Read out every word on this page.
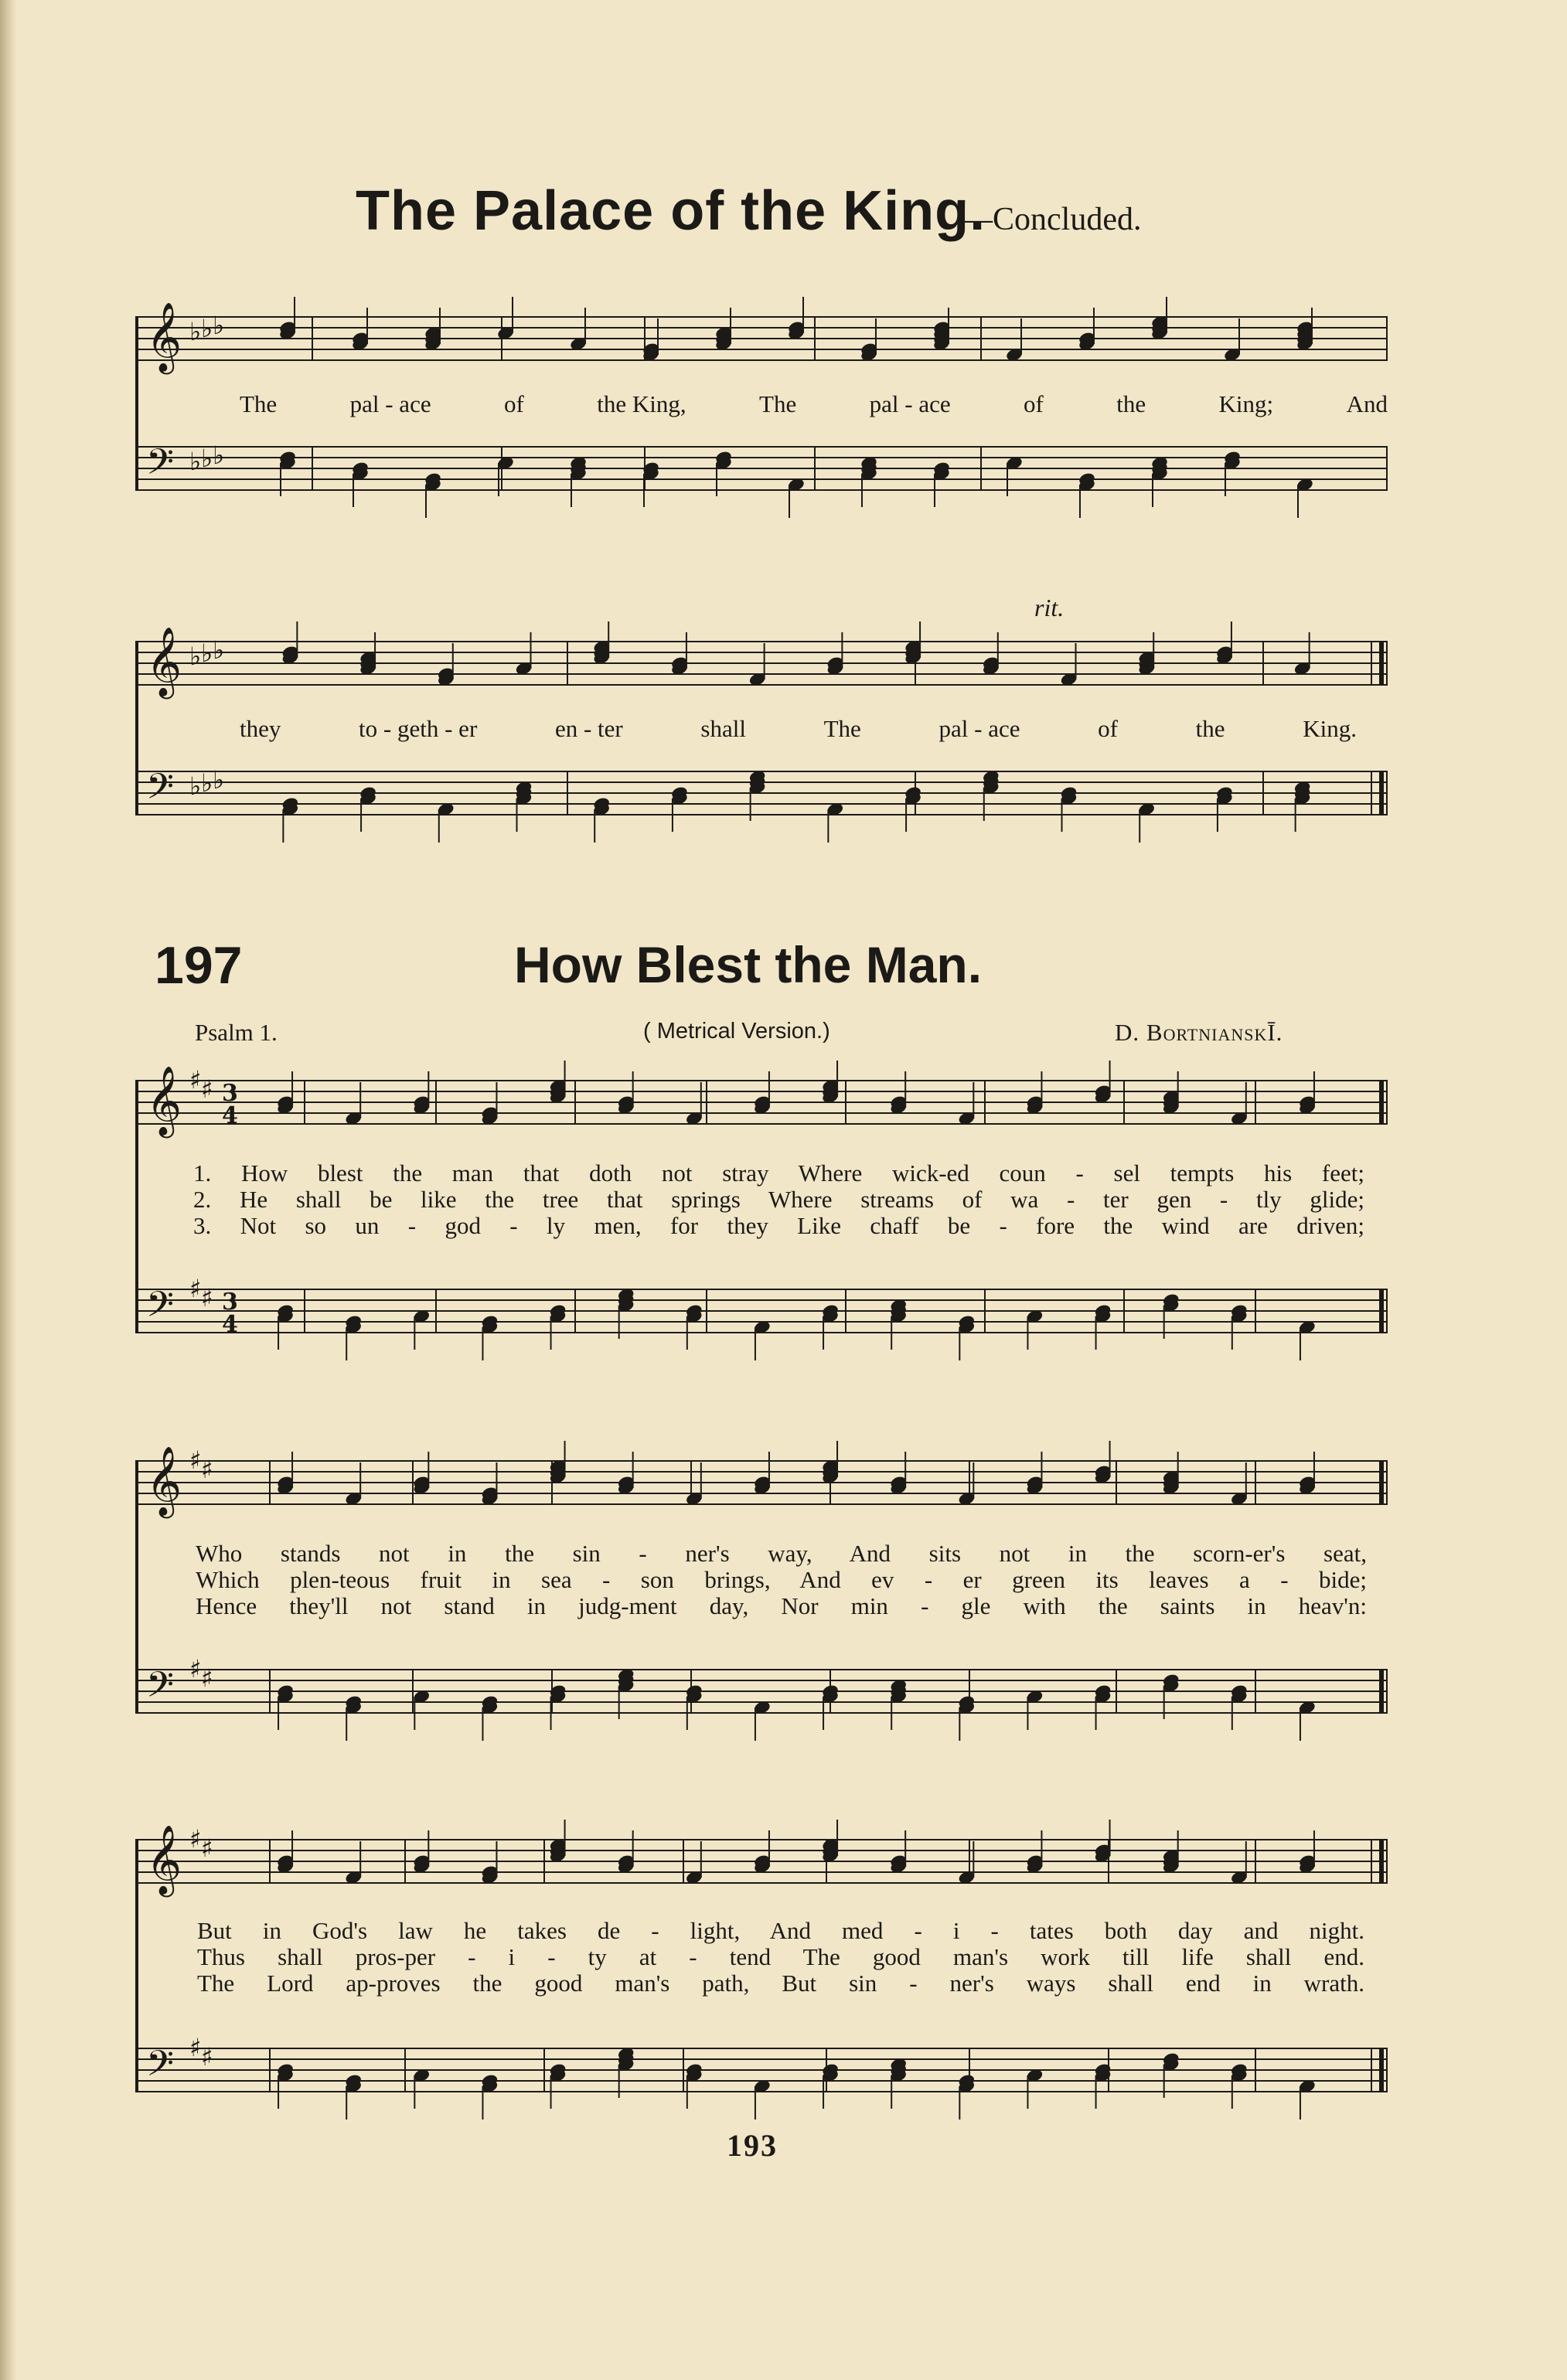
The Palace of the King.
—Concluded.
𝄞 ♭ ♭ ♭
𝄢 ♭ ♭ ♭
The	pal - ace	of	the King,	The	pal - ace	of	the	King;	And
𝄞 ♭ ♭ ♭
𝄢 ♭ ♭ ♭
rit.
they	to - geth - er	en - ter	shall	The	pal - ace	of	the	King.
197	How Blest the Man.
Psalm 1.	( Metrical Version.)	D. BortnianskĪ.
𝄞 ♯ ♯ 3
4
𝄢 ♯ ♯ 3
4
1. How blest the man that doth not stray Where wick-ed coun - sel tempts his feet;
2. He shall be like the tree that springs Where streams of wa - ter gen - tly glide;
3. Not so un - god - ly men, for they Like chaff be - fore the wind are driven;
𝄞 ♯ ♯
𝄢 ♯ ♯
Who stands not in the sin - ner's way, And sits not in the scorn-er's seat,
Which plen-teous fruit in sea - son brings, And ev - er green its leaves a - bide;
Hence they'll not stand in judg-ment day, Nor min - gle with the saints in heav'n:
𝄞 ♯ ♯
𝄢 ♯ ♯
But in God's law he takes de - light, And med - i - tates both day and night.
Thus shall pros-per - i - ty at - tend The good man's work till life shall end.
The Lord ap-proves the good man's path, But sin - ner's ways shall end in wrath.
193
